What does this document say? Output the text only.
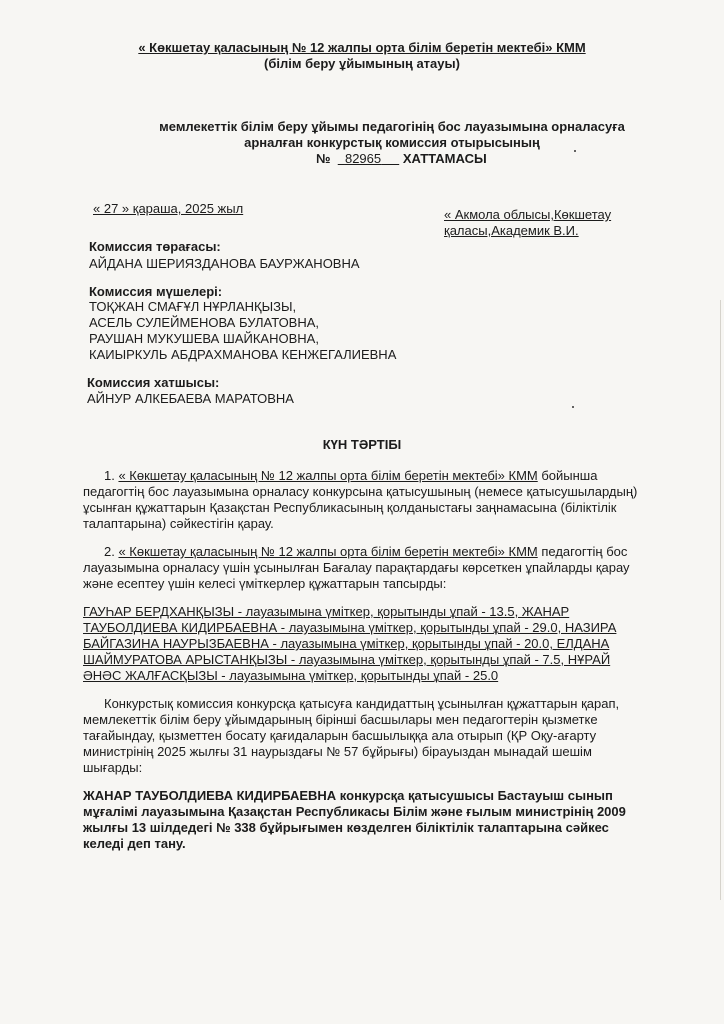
« Көкшетау қаласының № 12 жалпы орта білім беретін мектебі» КММ
(білім беру ұйымының атауы)
мемлекеттік білім беру ұйымы педагогінің бос лауазымына орналасуға
арналған конкурстық комиссия отырысының
№ 82965 ХАТТАМАСЫ
« 27 » қараша, 2025 жыл	« Акмола облысы,Көкшетау
қаласы,Академик В.И.
Комиссия төрағасы:
АЙДАНА ШЕРИЯЗДАНОВА БАУРЖАНОВНА
Комиссия мүшелері:
ТОҚЖАН СМАҒҰЛ НҰРЛАНҚЫЗЫ,
АСЕЛЬ СУЛЕЙМЕНОВА БУЛАТОВНА,
РАУШАН МУКУШЕВА ШАЙКАНОВНА,
КАИЫРКУЛЬ АБДРАХМАНОВА КЕНЖЕГАЛИЕВНА
Комиссия хатшысы:
АЙНУР АЛКЕБАЕВА МАРАТОВНА
КҮН ТӘРТІБІ
1. « Көкшетау қаласының № 12 жалпы орта білім беретін мектебі» КММ бойынша
педагогтің бос лауазымына орналасу конкурсына қатысушының (немесе қатысушылардың)
ұсынған құжаттарын Қазақстан Республикасының қолданыстағы заңнамасына (біліктілік
талаптарына) сәйкестігін қарау.
2. « Көкшетау қаласының № 12 жалпы орта білім беретін мектебі» КММ педагогтің бос
лауазымына орналасу үшін ұсынылған Бағалау парақтардағы көрсеткен ұпайларды қарау
және есептеу үшін келесі үміткерлер құжаттарын тапсырды:
ГАУҺАР БЕРДХАНҚЫЗЫ - лауазымына үміткер, қорытынды ұпай - 13.5, ЖАНАР
ТАУБОЛДИЕВА КИДИРБАЕВНА - лауазымына үміткер, қорытынды ұпай - 29.0, НАЗИРА
БАЙГАЗИНА НАУРЫЗБАЕВНА - лауазымына үміткер, қорытынды ұпай - 20.0, ЕЛДАНА
ШАЙМУРАТОВА АРЫСТАНҚЫЗЫ - лауазымына үміткер, қорытынды ұпай - 7.5, НҰРАЙ
ӘНӘС ЖАЛҒАСҚЫЗЫ - лауазымына үміткер, қорытынды ұпай - 25.0
Конкурстық комиссия конкурсқа қатысуға кандидаттың ұсынылған құжаттарын қарап,
мемлекеттік білім беру ұйымдарының бірінші басшылары мен педагогтерін қызметке
тағайындау, қызметтен босату қағидаларын басшылыққа ала отырып (ҚР Оқу-ағарту
министрінің 2025 жылғы 31 наурыздағы № 57 бұйрығы) бірауыздан мынадай шешім
шығарды:
ЖАНАР ТАУБОЛДИЕВА КИДИРБАЕВНА конкурсқа қатысушысы Бастауыш сынып
мұғалімі лауазымына Қазақстан Республикасы Білім және ғылым министрінің 2009
жылғы 13 шілдедегі № 338 бұйрығымен көзделген біліктілік талаптарына сәйкес
келеді деп тану.
